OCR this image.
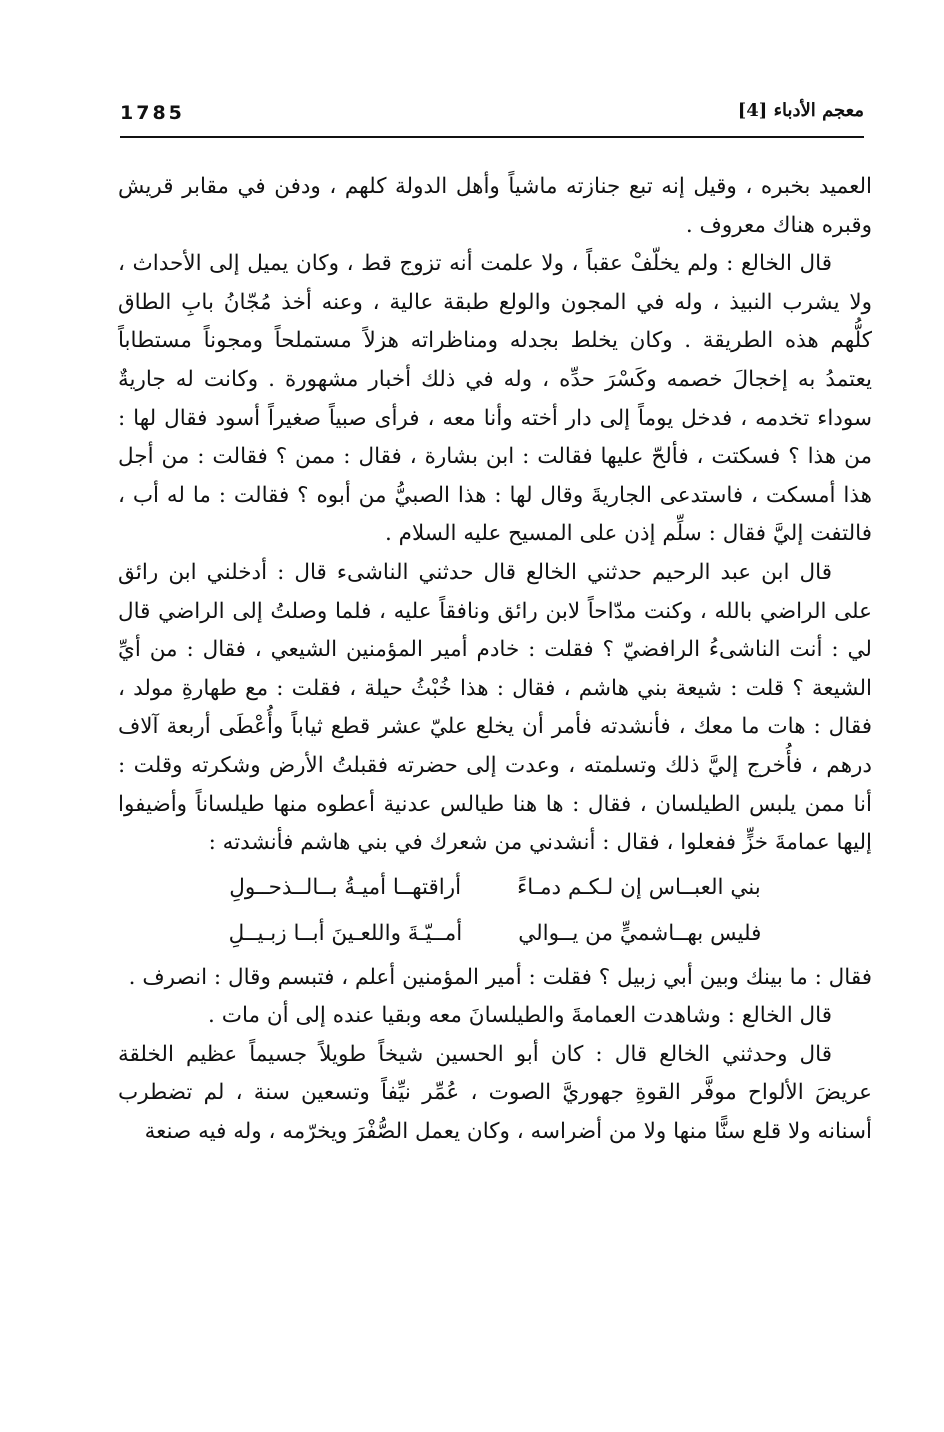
1785	معجم الأدباء [4]

العميد بخبره ، وقيل إنه تبع جنازته ماشياً وأهل الدولة كلهم ، ودفن في مقابر قريش وقبره هناك معروف .

قال الخالع : ولم يخلّفْ عقباً ، ولا علمت أنه تزوج قط ، وكان يميل إلى الأحداث ، ولا يشرب النبيذ ، وله في المجون والولع طبقة عالية ، وعنه أخذ مُجّانُ بابِ الطاق كلُّهم هذه الطريقة . وكان يخلط بجدله ومناظراته هزلاً مستملحاً ومجوناً مستطاباً يعتمدُ به إخجالَ خصمه وكَسْرَ حدِّه ، وله في ذلك أخبار مشهورة . وكانت له جاريةٌ سوداء تخدمه ، فدخل يوماً إلى دار أخته وأنا معه ، فرأى صبياً صغيراً أسود فقال لها : من هذا ؟ فسكتت ، فألحّ عليها فقالت : ابن بشارة ، فقال : ممن ؟ فقالت : من أجل هذا أمسكت ، فاستدعى الجاريةَ وقال لها : هذا الصبيُّ من أبوه ؟ فقالت : ما له أب ، فالتفت إليَّ فقال : سلِّم إذن على المسيح عليه السلام .

قال ابن عبد الرحيم حدثني الخالع قال حدثني الناشىء قال : أدخلني ابن رائق على الراضي بالله ، وكنت مدّاحاً لابن رائق ونافقاً عليه ، فلما وصلتُ إلى الراضي قال لي : أنت الناشىءُ الرافضيّ ؟ فقلت : خادم أمير المؤمنين الشيعي ، فقال : من أيِّ الشيعة ؟ قلت : شيعة بني هاشم ، فقال : هذا خُبْثُ حيلة ، فقلت : مع طهارةِ مولد ، فقال : هات ما معك ، فأنشدته فأمر أن يخلع عليّ عشر قطع ثياباً وأُعْطَى أربعة آلاف درهم ، فأُخرج إليَّ ذلك وتسلمته ، وعدت إلى حضرته فقبلتُ الأرض وشكرته وقلت : أنا ممن يلبس الطيلسان ، فقال : ها هنا طيالس عدنية أعطوه منها طيلساناً وأضيفوا إليها عمامةَ خزٍّ ففعلوا ، فقال : أنشدني من شعرك في بني هاشم فأنشدته :

بني العبــاس إن لـكـم دمـاءً
أراقتهــا أميـةُ بــالــذحــولِ
فليس بهــاشميٍّ من يــوالي
أمــيّـةَ واللعـينَ أبــا زبـيــلِ

فقال : ما بينك وبين أبي زبيل ؟ فقلت : أمير المؤمنين أعلم ، فتبسم وقال : انصرف .

قال الخالع : وشاهدت العمامةَ والطيلسانَ معه وبقيا عنده إلى أن مات .

قال وحدثني الخالع قال : كان أبو الحسين شيخاً طويلاً جسيماً عظيم الخلقة عريضَ الألواح موفَّر القوةِ جهوريَّ الصوت ، عُمِّر نيِّفاً وتسعين سنة ، لم تضطرب أسنانه ولا قلع سنًّا منها ولا من أضراسه ، وكان يعمل الصُّفْرَ ويخرّمه ، وله فيه صنعة
